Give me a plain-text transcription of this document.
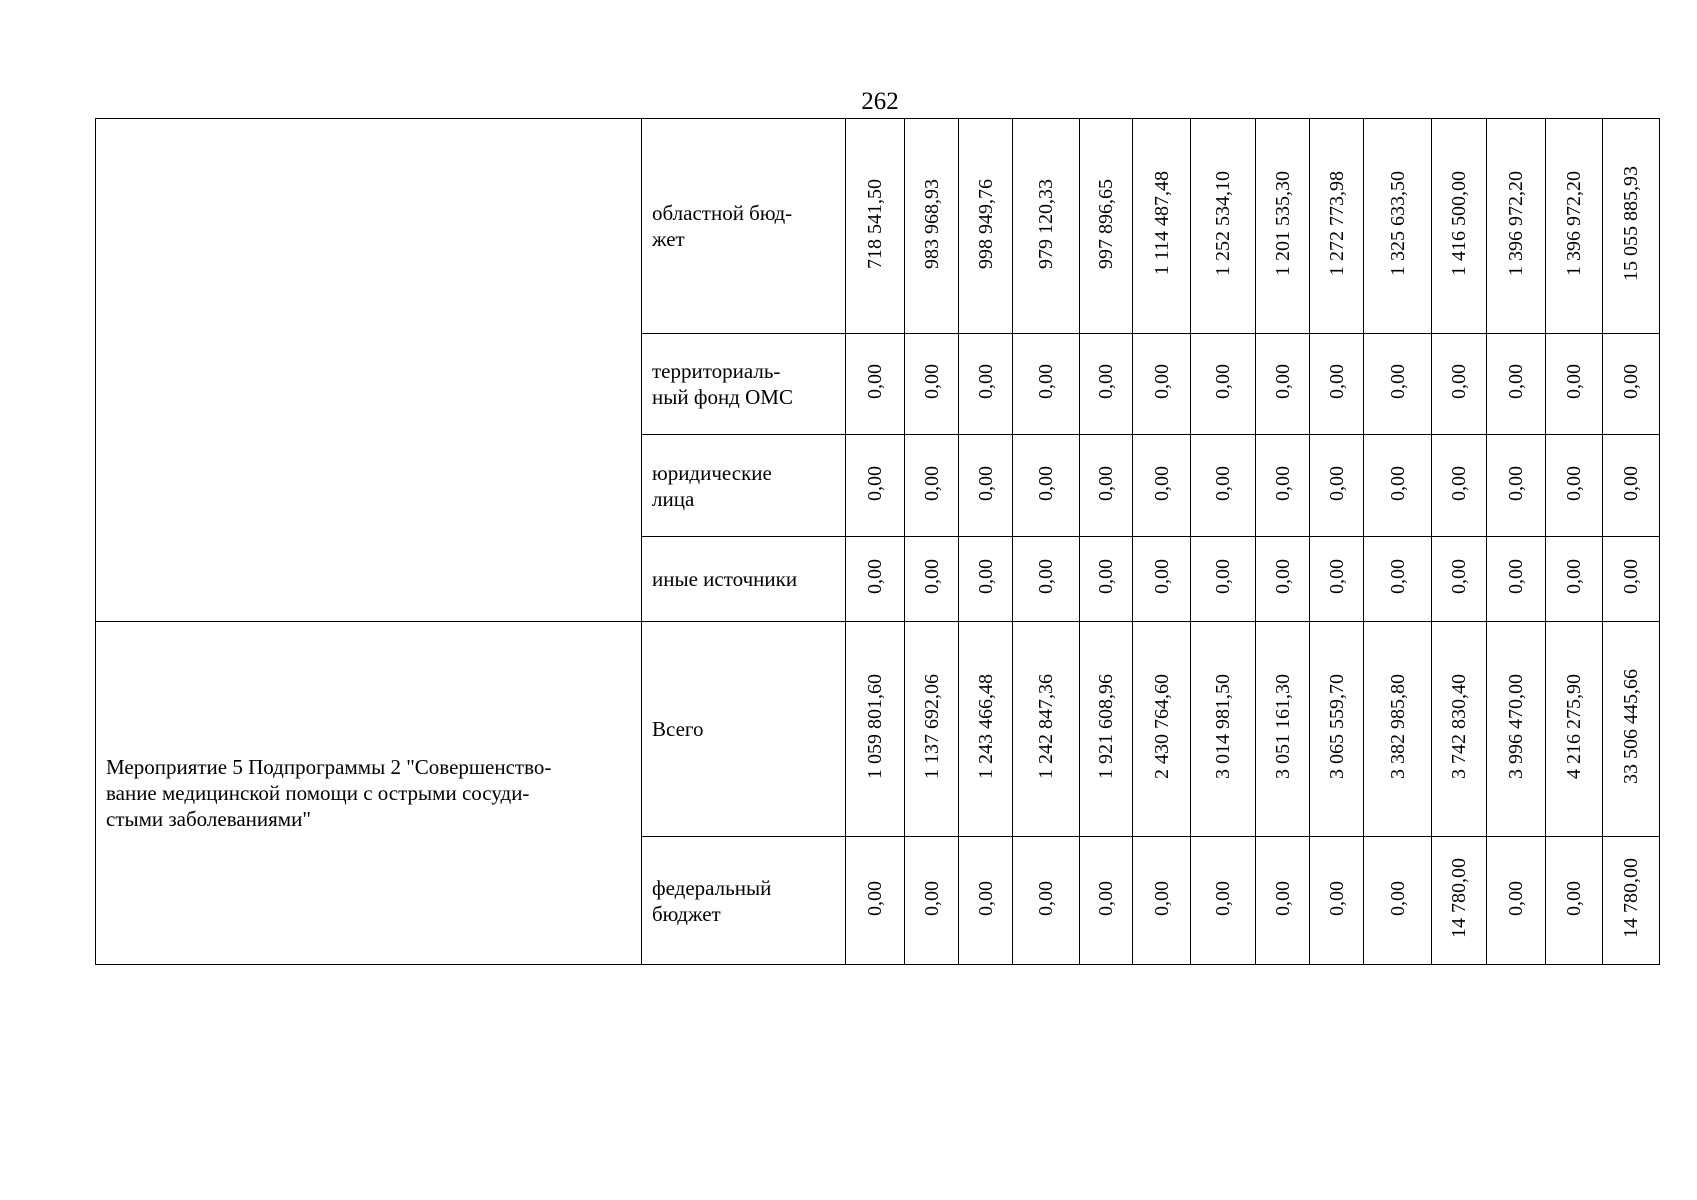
262
	областной бюд-
жет	718 541,50	983 968,93	998 949,76	979 120,33	997 896,65	1 114 487,48	1 252 534,10	1 201 535,30	1 272 773,98	1 325 633,50	1 416 500,00	1 396 972,20	1 396 972,20	15 055 885,93
	территориаль-
ный фонд ОМС	0,00	0,00	0,00	0,00	0,00	0,00	0,00	0,00	0,00	0,00	0,00	0,00	0,00	0,00
	юридические
лица	0,00	0,00	0,00	0,00	0,00	0,00	0,00	0,00	0,00	0,00	0,00	0,00	0,00	0,00
	иные источники	0,00	0,00	0,00	0,00	0,00	0,00	0,00	0,00	0,00	0,00	0,00	0,00	0,00	0,00
Мероприятие 5 Подпрограммы 2 "Совершенство-
вание медицинской помощи с острыми сосуди-
стыми заболеваниями"	Всего	1 059 801,60	1 137 692,06	1 243 466,48	1 242 847,36	1 921 608,96	2 430 764,60	3 014 981,50	3 051 161,30	3 065 559,70	3 382 985,80	3 742 830,40	3 996 470,00	4 216 275,90	33 506 445,66
	федеральный
бюджет	0,00	0,00	0,00	0,00	0,00	0,00	0,00	0,00	0,00	0,00	14 780,00	0,00	0,00	14 780,00
